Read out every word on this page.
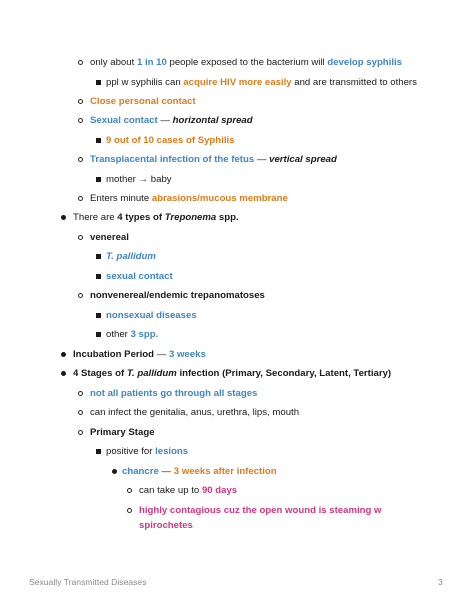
only about 1 in 10 people exposed to the bacterium will develop syphilis
ppl w syphilis can acquire HIV more easily and are transmitted to others
Close personal contact
Sexual contact — horizontal spread
9 out of 10 cases of Syphilis
Transplacental infection of the fetus — vertical spread
mother → baby
Enters minute abrasions/mucous membrane
There are 4 types of Treponema spp.
venereal
T. pallidum
sexual contact
nonvenereal/endemic trepanomatoses
nonsexual diseases
other 3 spp.
Incubation Period — 3 weeks
4 Stages of T. pallidum infection (Primary, Secondary, Latent, Tertiary)
not all patients go through all stages
can infect the genitalia, anus, urethra, lips, mouth
Primary Stage
positive for lesions
chancre — 3 weeks after infection
can take up to 90 days
highly contagious cuz the open wound is steaming w
spirochetes
Sexually Transmitted Diseases	3
